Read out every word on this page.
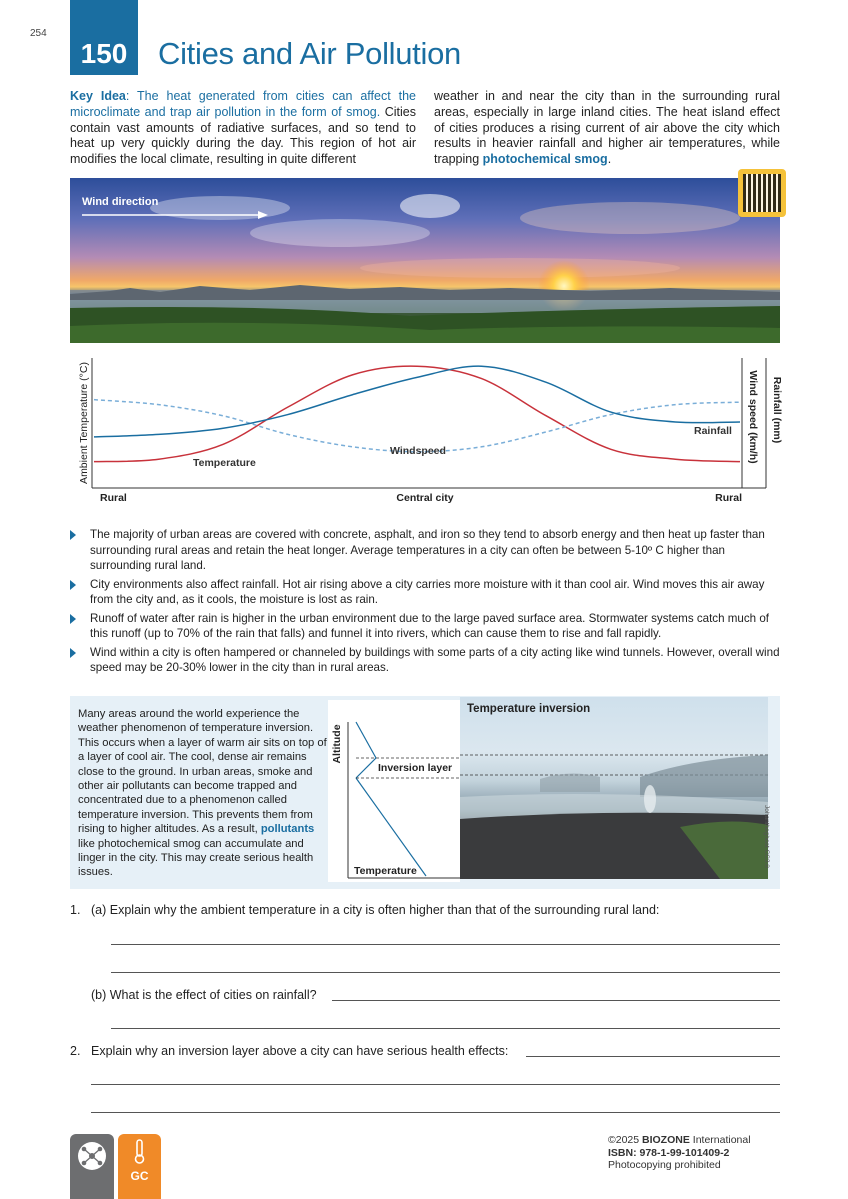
254
150 Cities and Air Pollution

Key Idea: The heat generated from cities can affect the microclimate and trap air pollution in the form of smog. Cities contain vast amounts of radiative surfaces, and so tend to heat up very quickly during the day. This region of hot air modifies the local climate, resulting in quite different

weather in and near the city than in the surrounding rural areas, especially in large inland cities. The heat island effect of cities produces a rising current of air above the city which results in heavier rainfall and higher air temperatures, while trapping photochemical smog.

Wind direction
Ambient Temperature (°C)	Wind speed (km/h) Rainfall (mm)
Rural	Central city	Rural
Temperature
Windspeed
Rainfall
The majority of urban areas are covered with concrete, asphalt, and iron so they tend to absorb energy and then heat up faster than surrounding rural areas and retain the heat longer. Average temperatures in a city can often be between 5-10º C higher than surrounding rural land.
City environments also affect rainfall. Hot air rising above a city carries more moisture with it than cool air. Wind moves this air away from the city and, as it cools, the moisture is lost as rain.
Runoff of water after rain is higher in the urban environment due to the large paved surface area. Stormwater systems catch much of this runoff (up to 70% of the rain that falls) and funnel it into rivers, which can cause them to rise and fall rapidly.
Wind within a city is often hampered or channeled by buildings with some parts of a city acting like wind tunnels. However, overall wind speed may be 20-30% lower in the city than in rural areas.

Many areas around the world experience the weather phenomenon of temperature inversion. This occurs when a layer of warm air sits on top of a layer of cool air. The cool, dense air remains close to the ground. In urban areas, smoke and other air pollutants can become trapped and concentrated due to a phenomenon called temperature inversion. This prevents them from rising to higher altitudes. As a result, pollutants like photochemical smog can accumulate and linger in the city. This may create serious health issues.

Altitude
Inversion layer
Temperature
Temperature inversion
Johantheghost CC3.0
1. (a) Explain why the ambient temperature in a city is often higher than that of the surrounding rural land:
(b) What is the effect of cities on rainfall?
2. Explain why an inversion layer above a city can have serious health effects:
GC
©2025 BIOZONE International
ISBN: 978-1-99-101409-2
Photocopying prohibited
